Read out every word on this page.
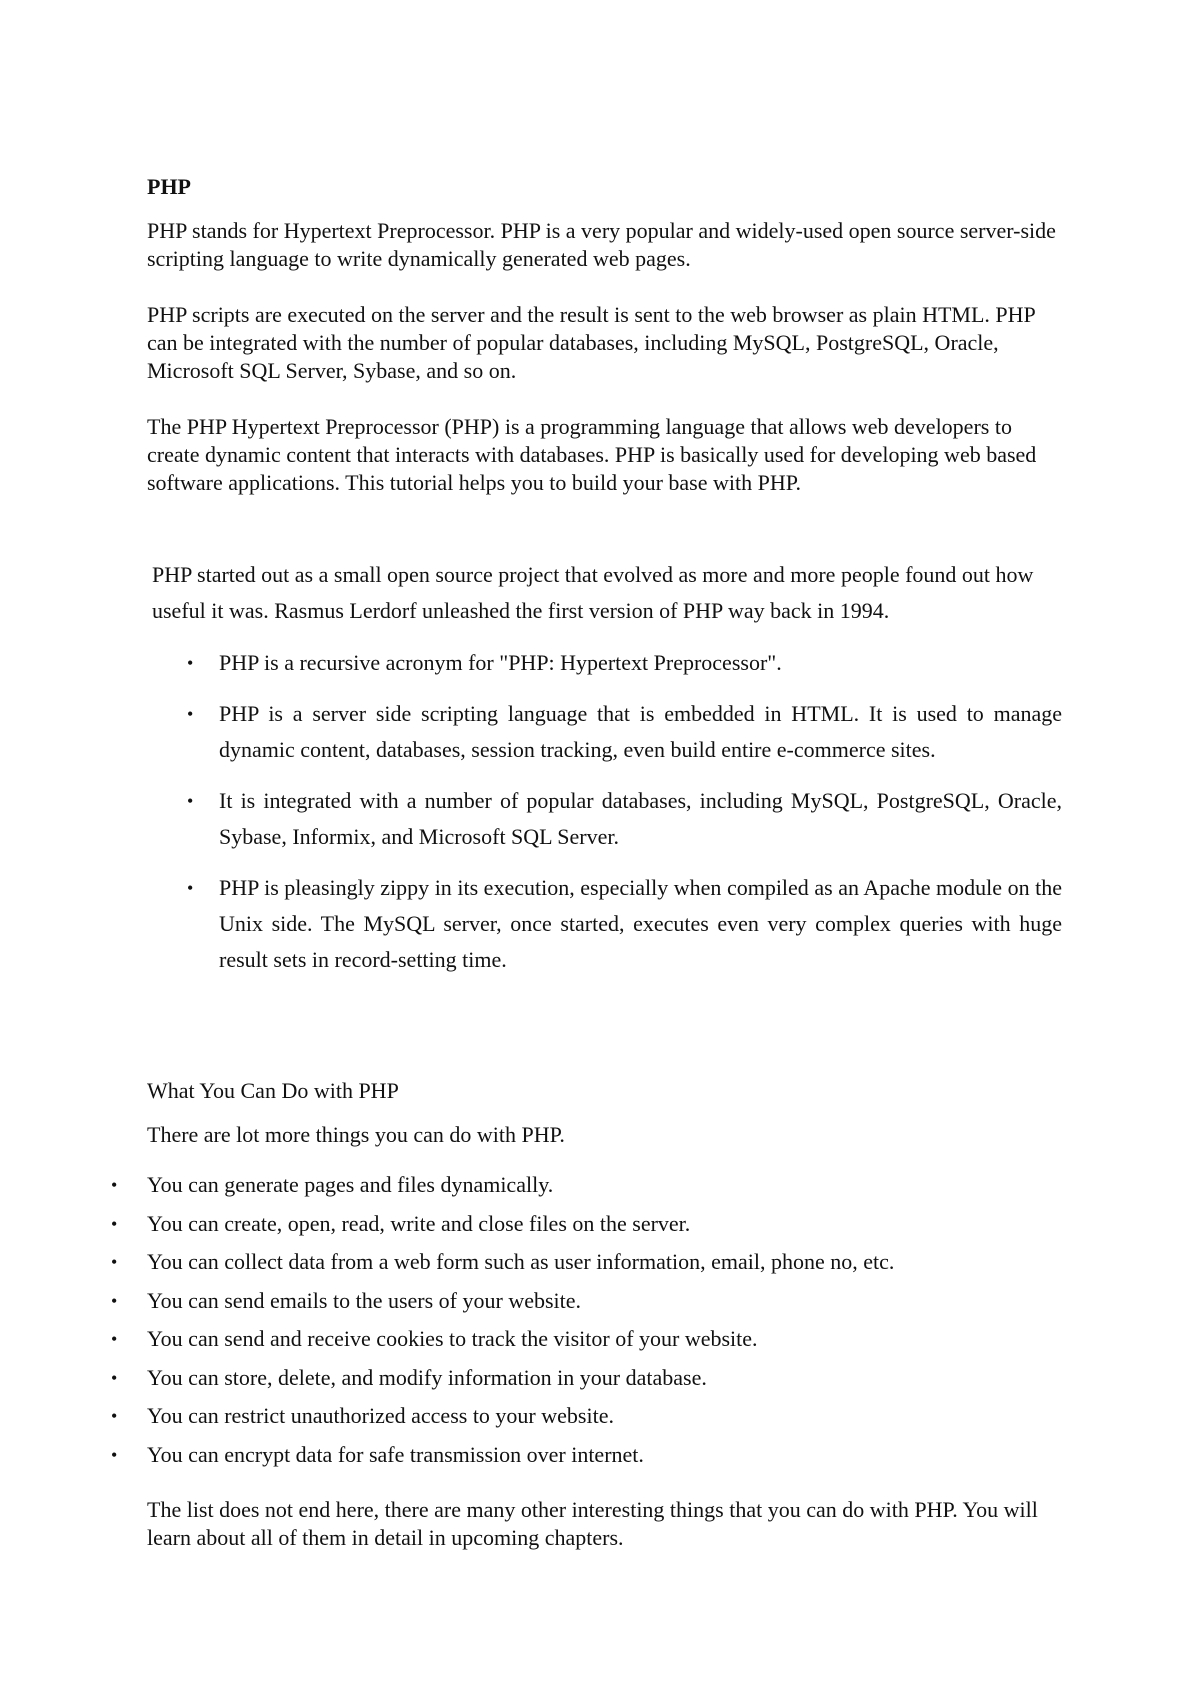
PHP

PHP stands for Hypertext Preprocessor. PHP is a very popular and widely-used open source server-side scripting language to write dynamically generated web pages.

PHP scripts are executed on the server and the result is sent to the web browser as plain HTML. PHP can be integrated with the number of popular databases, including MySQL, PostgreSQL, Oracle, Microsoft SQL Server, Sybase, and so on.

The PHP Hypertext Preprocessor (PHP) is a programming language that allows web developers to create dynamic content that interacts with databases. PHP is basically used for developing web based software applications. This tutorial helps you to build your base with PHP.

PHP started out as a small open source project that evolved as more and more people found out how useful it was. Rasmus Lerdorf unleashed the first version of PHP way back in 1994.

• PHP is a recursive acronym for "PHP: Hypertext Preprocessor".
• PHP is a server side scripting language that is embedded in HTML. It is used to manage dynamic content, databases, session tracking, even build entire e-commerce sites.
• It is integrated with a number of popular databases, including MySQL, PostgreSQL, Oracle, Sybase, Informix, and Microsoft SQL Server.
• PHP is pleasingly zippy in its execution, especially when compiled as an Apache module on the Unix side. The MySQL server, once started, executes even very complex queries with huge result sets in record-setting time.
What You Can Do with PHP

There are lot more things you can do with PHP.

• You can generate pages and files dynamically.
• You can create, open, read, write and close files on the server.
• You can collect data from a web form such as user information, email, phone no, etc.
• You can send emails to the users of your website.
• You can send and receive cookies to track the visitor of your website.
• You can store, delete, and modify information in your database.
• You can restrict unauthorized access to your website.
• You can encrypt data for safe transmission over internet.

The list does not end here, there are many other interesting things that you can do with PHP. You will learn about all of them in detail in upcoming chapters.
